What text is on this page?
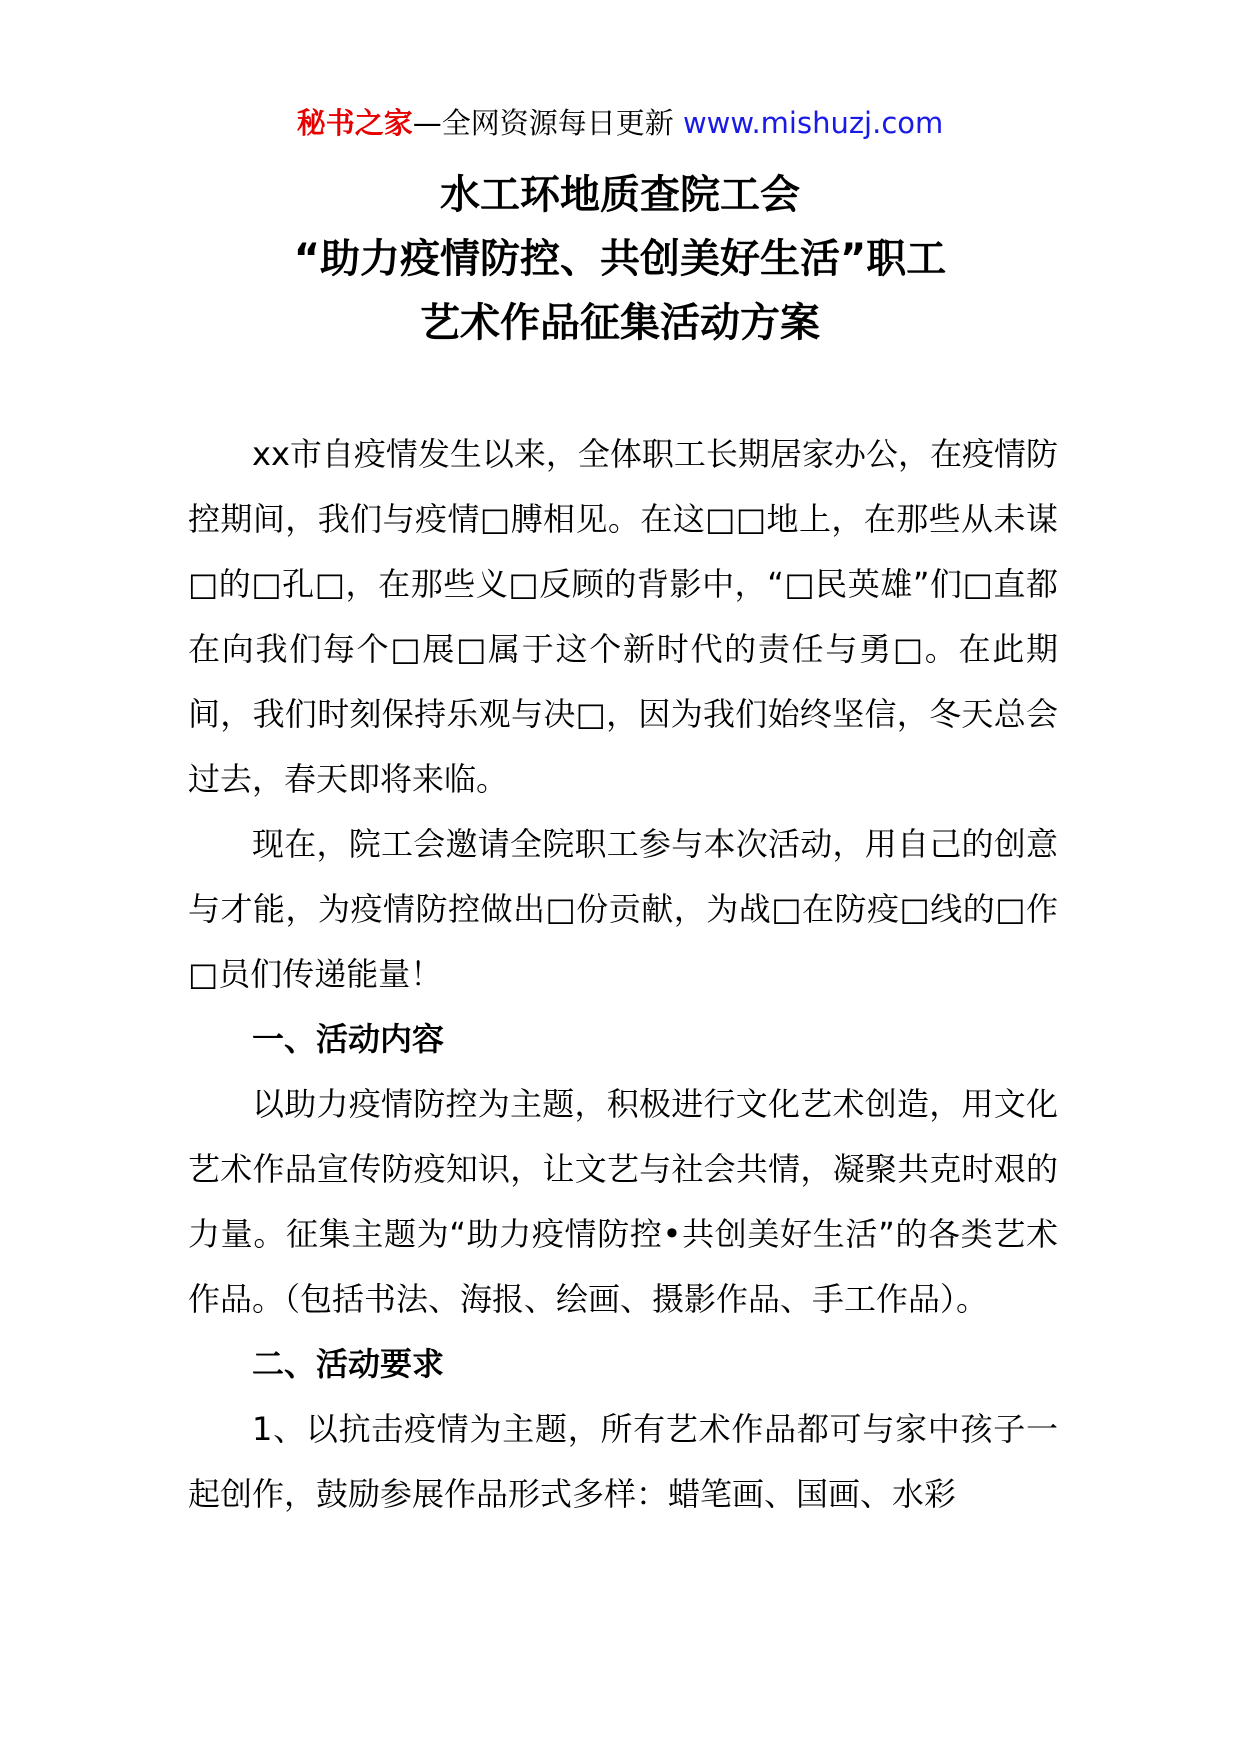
秘书之家—全网资源每日更新 www.mishuzj.com
水工环地质查院工会
“助力疫情防控、共创美好生活”职工
艺术作品征集活动方案

xx市自疫情发生以来，全体职工长期居家办公，在疫情防控期间，我们与疫情□膊相见。在这□□地上，在那些从未谋□的□孔□，在那些义□反顾的背影中，“□民英雄”们□直都在向我们每个□展□属于这个新时代的责任与勇□。在此期间，我们时刻保持乐观与决□，因为我们始终坚信，冬天总会过去，春天即将来临。

现在，院工会邀请全院职工参与本次活动，用自己的创意与才能，为疫情防控做出□份贡献，为战□在防疫□线的□作□员们传递能量！

一、活动内容

以助力疫情防控为主题，积极进行文化艺术创造，用文化艺术作品宣传防疫知识，让文艺与社会共情，凝聚共克时艰的力量。征集主题为“助力疫情防控•共创美好生活”的各类艺术作品。（包括书法、海报、绘画、摄影作品、手工作品）。

二、活动要求

1、以抗击疫情为主题，所有艺术作品都可与家中孩子一起创作，鼓励参展作品形式多样：蜡笔画、国画、水彩
